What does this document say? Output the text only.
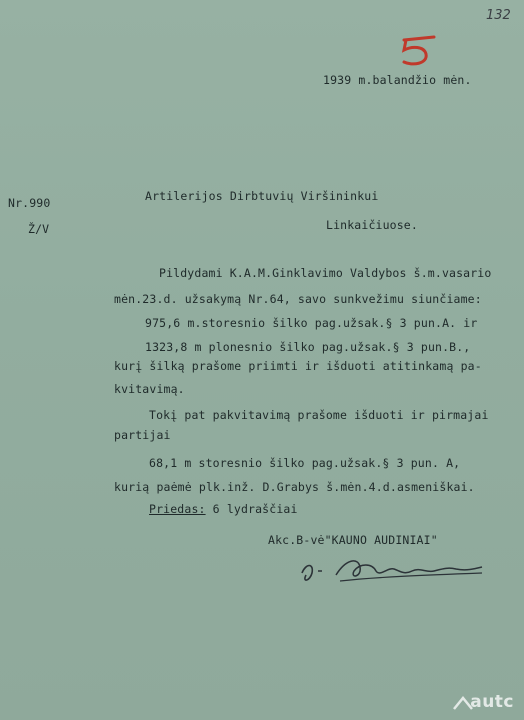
132
1939 m.balandžio mėn.
Nr.990
Ž/V
Artilerijos Dirbtuvių Viršininkui
Linkaičiuose.
Pildydami K.A.M.Ginklavimo Valdybos š.m.vasario
mėn.23.d. užsakymą Nr.64, savo sunkvežimu siunčiame:
975,6 m.storesnio šilko pag.užsak.§ 3 pun.A. ir
1323,8 m plonesnio šilko pag.užsak.§ 3 pun.B.,
kurį šilką prašome priimti ir išduoti atitinkamą pa-
kvitavimą.
Tokį pat pakvitavimą prašome išduoti ir pirmajai
partijai
68,1 m storesnio šilko pag.užsak.§ 3 pun. A,
kurią paėmė plk.inž. D.Grabys š.mėn.4.d.asmeniškai.
Priedas: 6 lydraščiai
Akc.B-vė"KAUNO AUDINIAI"
autc
